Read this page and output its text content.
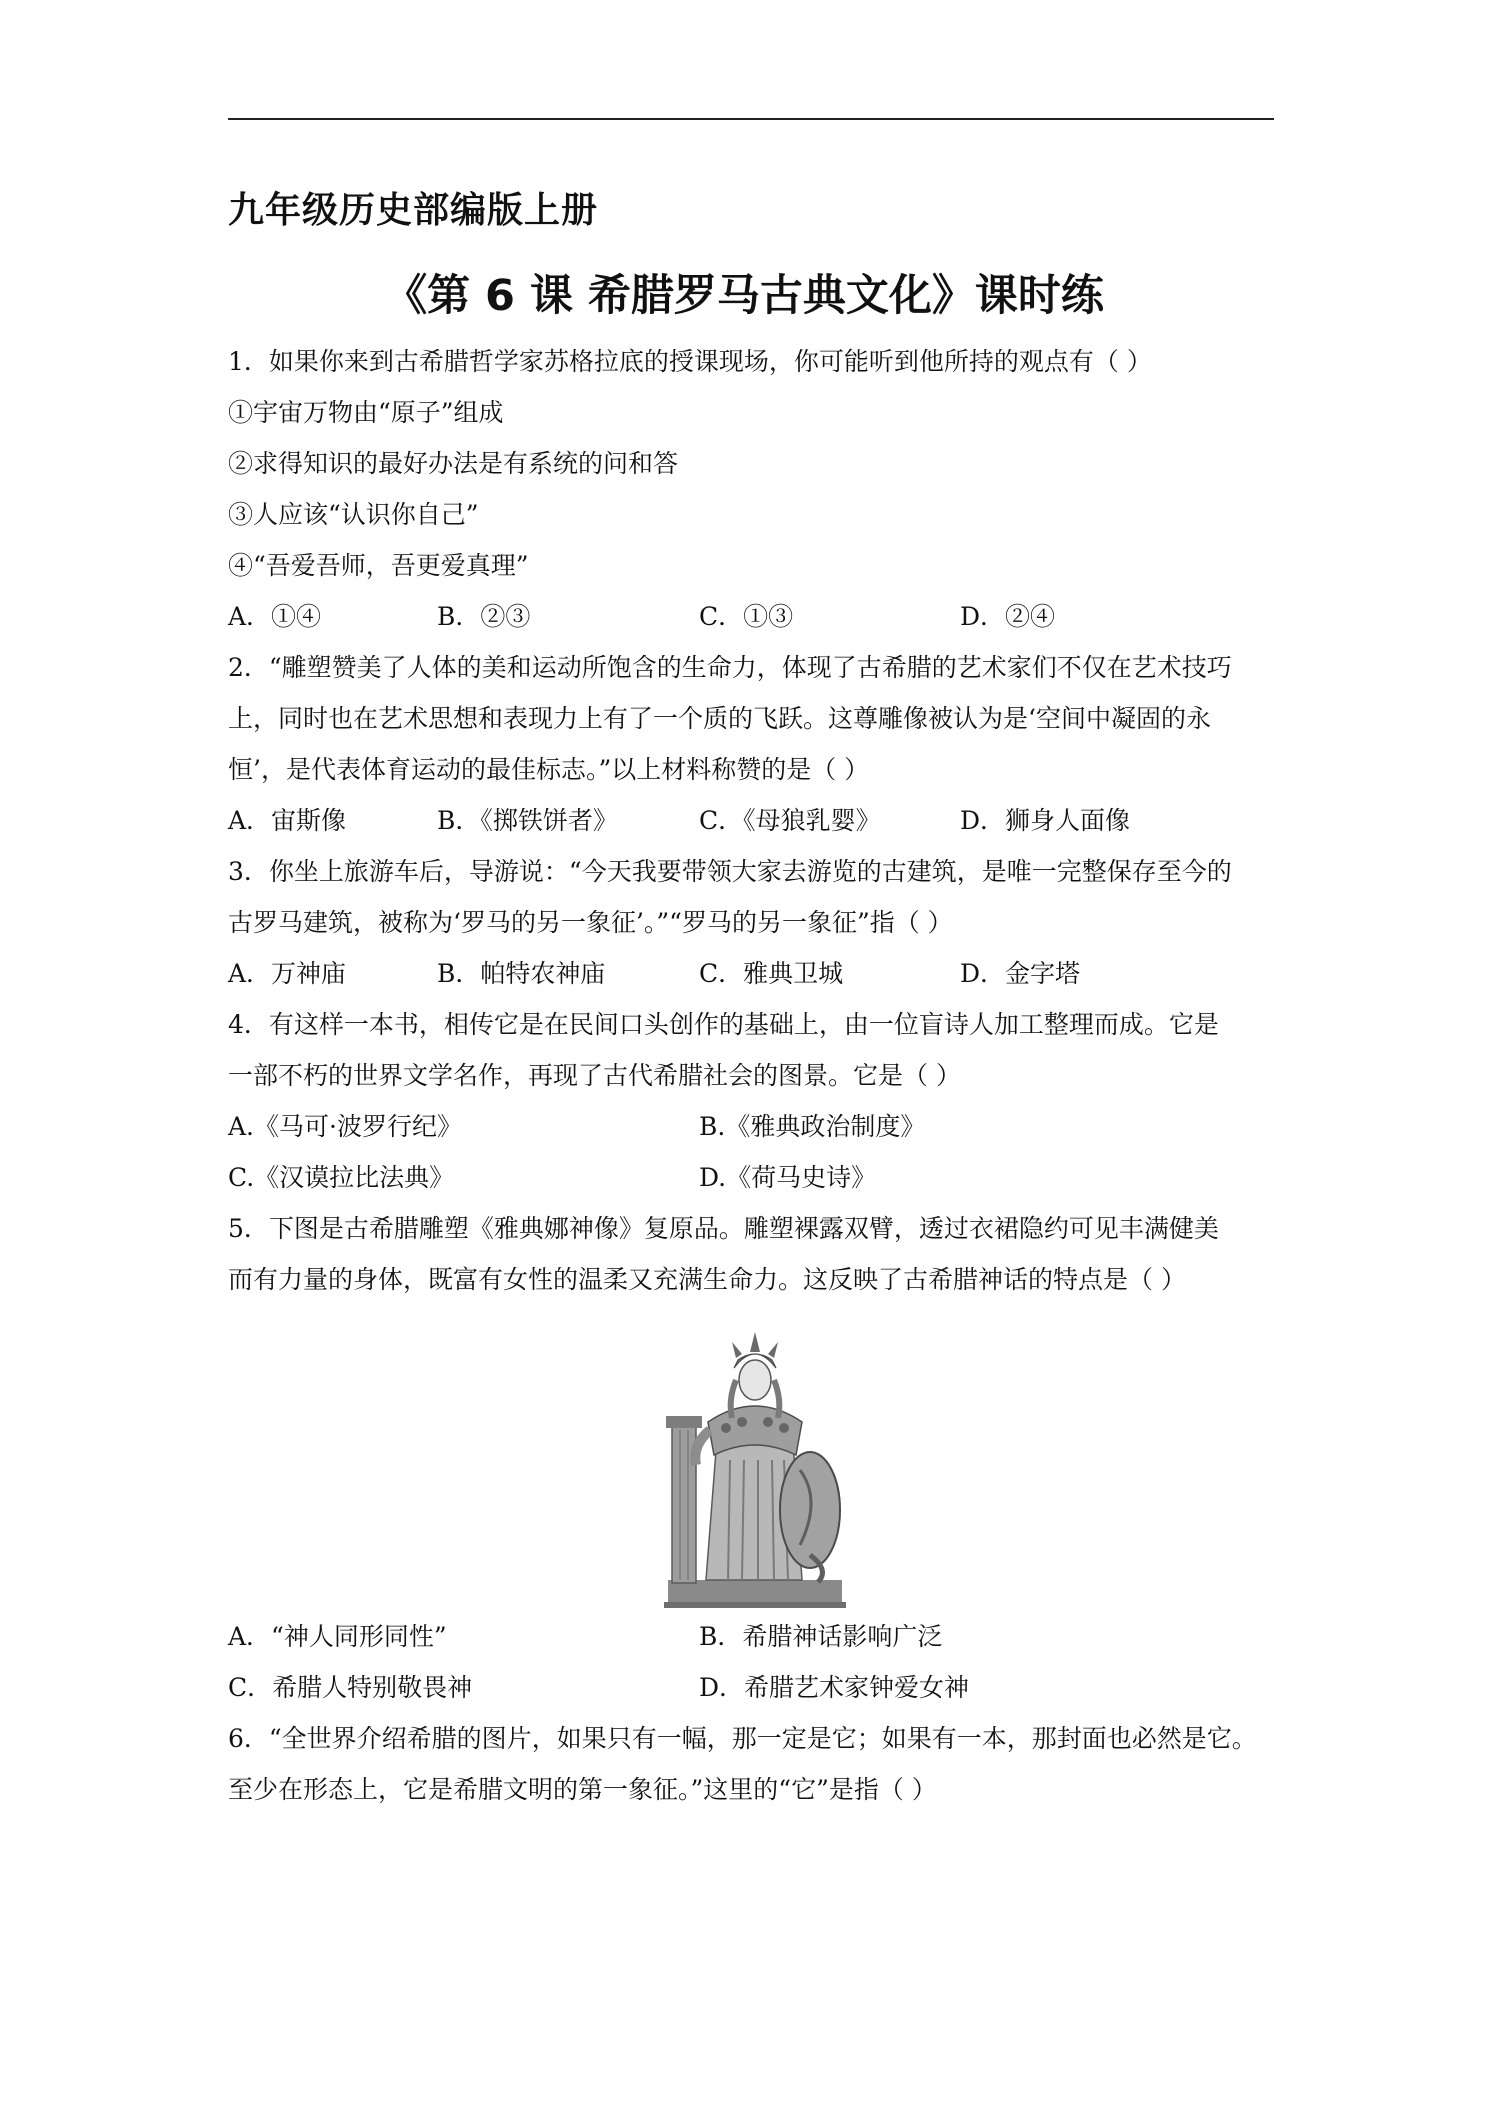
九年级历史部编版上册
《第 6 课 希腊罗马古典文化》课时练
1．如果你来到古希腊哲学家苏格拉底的授课现场，你可能听到他所持的观点有（ ）
①宇宙万物由“原子”组成
②求得知识的最好办法是有系统的问和答
③人应该“认识你自己”
④“吾爱吾师，吾更爱真理”
A．①④	B．②③	C．①③	D．②④
2．“雕塑赞美了人体的美和运动所饱含的生命力，体现了古希腊的艺术家们不仅在艺术技巧
上，同时也在艺术思想和表现力上有了一个质的飞跃。这尊雕像被认为是‘空间中凝固的永
恒’，是代表体育运动的最佳标志。”以上材料称赞的是（ ）
A．宙斯像	B．《掷铁饼者》	C．《母狼乳婴》	D．狮身人面像
3．你坐上旅游车后，导游说：“今天我要带领大家去游览的古建筑，是唯一完整保存至今的
古罗马建筑，被称为‘罗马的另一象征’。”“罗马的另一象征”指（ ）
A．万神庙	B．帕特农神庙	C．雅典卫城	D．金字塔
4．有这样一本书，相传它是在民间口头创作的基础上，由一位盲诗人加工整理而成。它是
一部不朽的世界文学名作，再现了古代希腊社会的图景。它是（ ）
A.《马可·波罗行纪》	B.《雅典政治制度》
C.《汉谟拉比法典》	D.《荷马史诗》
5．下图是古希腊雕塑《雅典娜神像》复原品。雕塑裸露双臂，透过衣裙隐约可见丰满健美
而有力量的身体，既富有女性的温柔又充满生命力。这反映了古希腊神话的特点是（ ）
A．“神人同形同性”	B．希腊神话影响广泛
C．希腊人特别敬畏神	D．希腊艺术家钟爱女神
6．“全世界介绍希腊的图片，如果只有一幅，那一定是它；如果有一本，那封面也必然是它。
至少在形态上，它是希腊文明的第一象征。”这里的“它”是指（ ）
